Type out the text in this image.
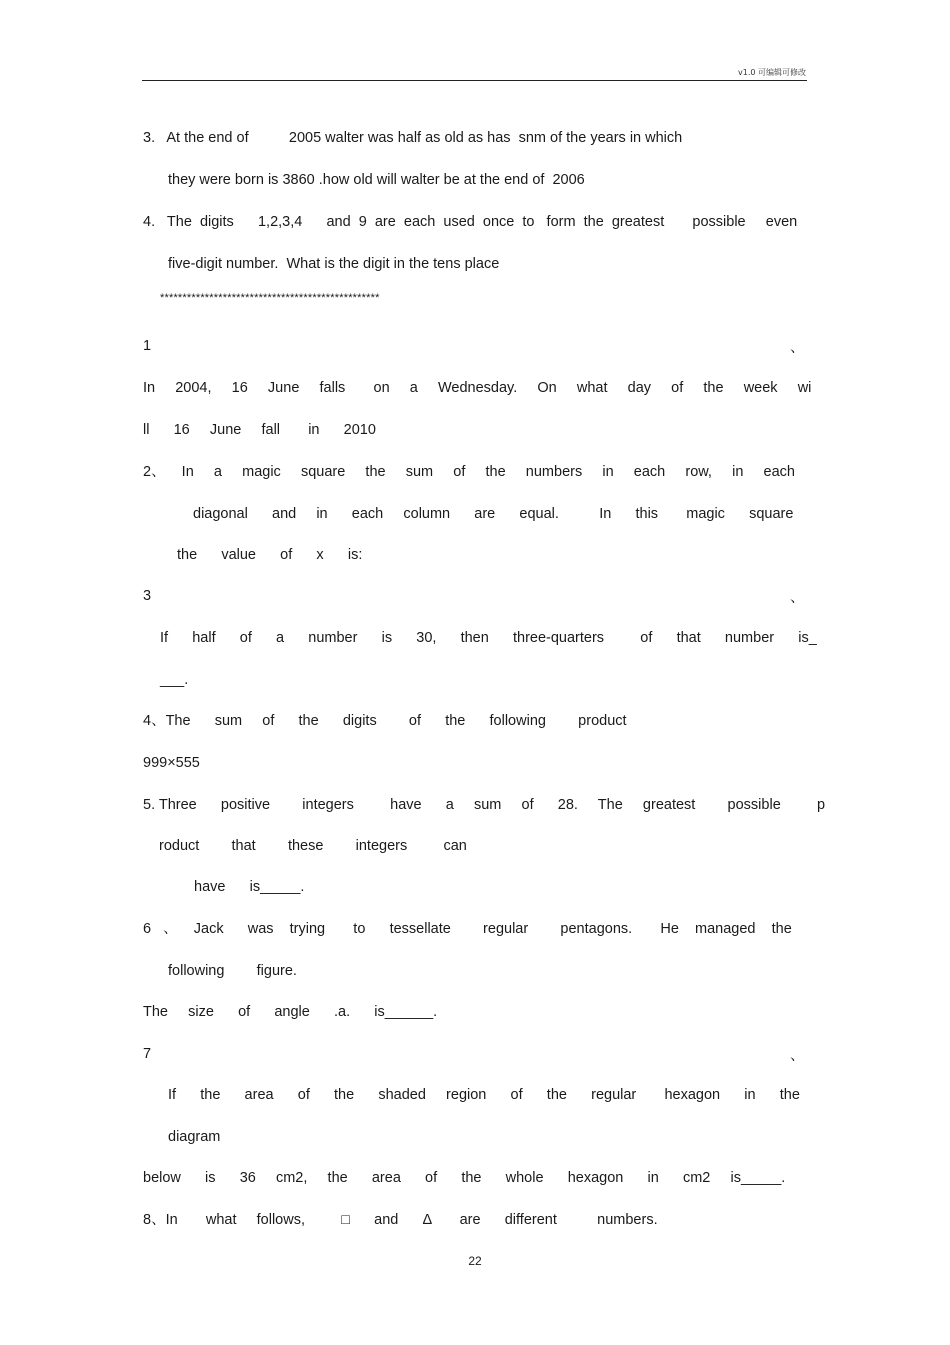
v1.0 可编辑可修改
3.   At the end of          2005 walter was half as old as has  snm of the years in which
they were born is 3860 .how old will walter be at the end of  2006
4.   The  digits      1,2,3,4      and  9  are  each  used  once  to   form  the  greatest       possible     even
five-digit number.  What is the digit in the tens place
*************************************************
1	、
In     2004,     16     June     falls       on     a     Wednesday.     On     what     day     of     the     week     wi
ll      16     June     fall       in      2010
2、    In     a     magic     square     the     sum     of     the     numbers     in     each     row,     in     each
diagonal      and     in      each     column      are      equal.          In      this       magic      square
the      value      of      x      is:
3	、
If      half      of      a      number      is      30,      then      three-quarters         of      that      number      is_
___.
4、The      sum     of      the      digits        of      the      following        product
999×555
5. Three      positive        integers         have      a     sum     of      28.     The     greatest        possible         p
roduct        that        these        integers         can
have      is_____.
6   、    Jack      was    trying       to      tessellate        regular        pentagons.       He    managed    the
following        figure.
The     size      of      angle      .a.      is______.
7	、
If      the      area      of      the      shaded     region      of      the      regular       hexagon      in      the
diagram
below      is      36     cm2,     the      area      of      the      whole      hexagon      in      cm2     is_____.
8、In       what     follows,         □      and      Δ       are      different          numbers.
22
